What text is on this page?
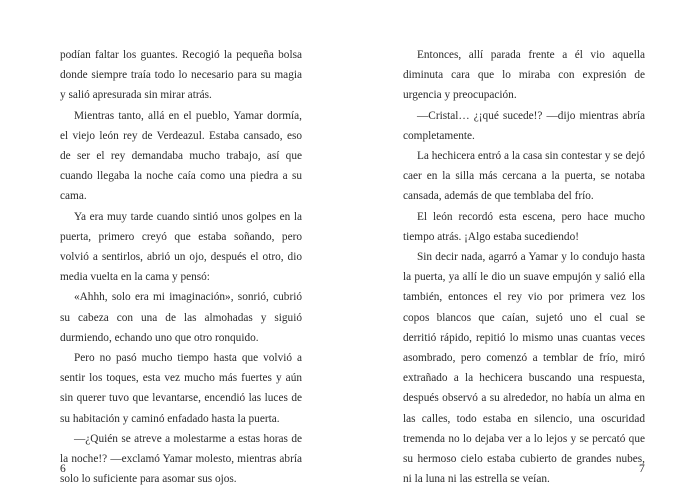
podían faltar los guantes. Recogió la pequeña bolsa donde siempre traía todo lo necesario para su magia y salió apresurada sin mirar atrás.

Mientras tanto, allá en el pueblo, Yamar dormía, el viejo león rey de Verdeazul. Estaba cansado, eso de ser el rey demandaba mucho trabajo, así que cuando llegaba la noche caía como una piedra a su cama.

Ya era muy tarde cuando sintió unos golpes en la puerta, primero creyó que estaba soñando, pero volvió a sentirlos, abrió un ojo, después el otro, dio media vuelta en la cama y pensó:

«Ahhh, solo era mi imaginación», sonrió, cubrió su cabeza con una de las almohadas y siguió durmiendo, echando uno que otro ronquido.

Pero no pasó mucho tiempo hasta que volvió a sentir los toques, esta vez mucho más fuertes y aún sin querer tuvo que levantarse, encendió las luces de su habitación y caminó enfadado hasta la puerta.

—¿Quién se atreve a molestarme a estas horas de la noche!? —exclamó Yamar molesto, mientras abría solo lo suficiente para asomar sus ojos.

6

Entonces, allí parada frente a él vio aquella diminuta cara que lo miraba con expresión de urgencia y preocupación.

—Cristal… ¿¡qué sucede!? —dijo mientras abría completamente.

La hechicera entró a la casa sin contestar y se dejó caer en la silla más cercana a la puerta, se notaba cansada, además de que temblaba del frío.

El león recordó esta escena, pero hace mucho tiempo atrás. ¡Algo estaba sucediendo!

Sin decir nada, agarró a Yamar y lo condujo hasta la puerta, ya allí le dio un suave empujón y salió ella también, entonces el rey vio por primera vez los copos blancos que caían, sujetó uno el cual se derritió rápido, repitió lo mismo unas cuantas veces asombrado, pero comenzó a temblar de frío, miró extrañado a la hechicera buscando una respuesta, después observó a su alrededor, no había un alma en las calles, todo estaba en silencio, una oscuridad tremenda no lo dejaba ver a lo lejos y se percató que su hermoso cielo estaba cubierto de grandes nubes, ni la luna ni las estrella se veían.

7
